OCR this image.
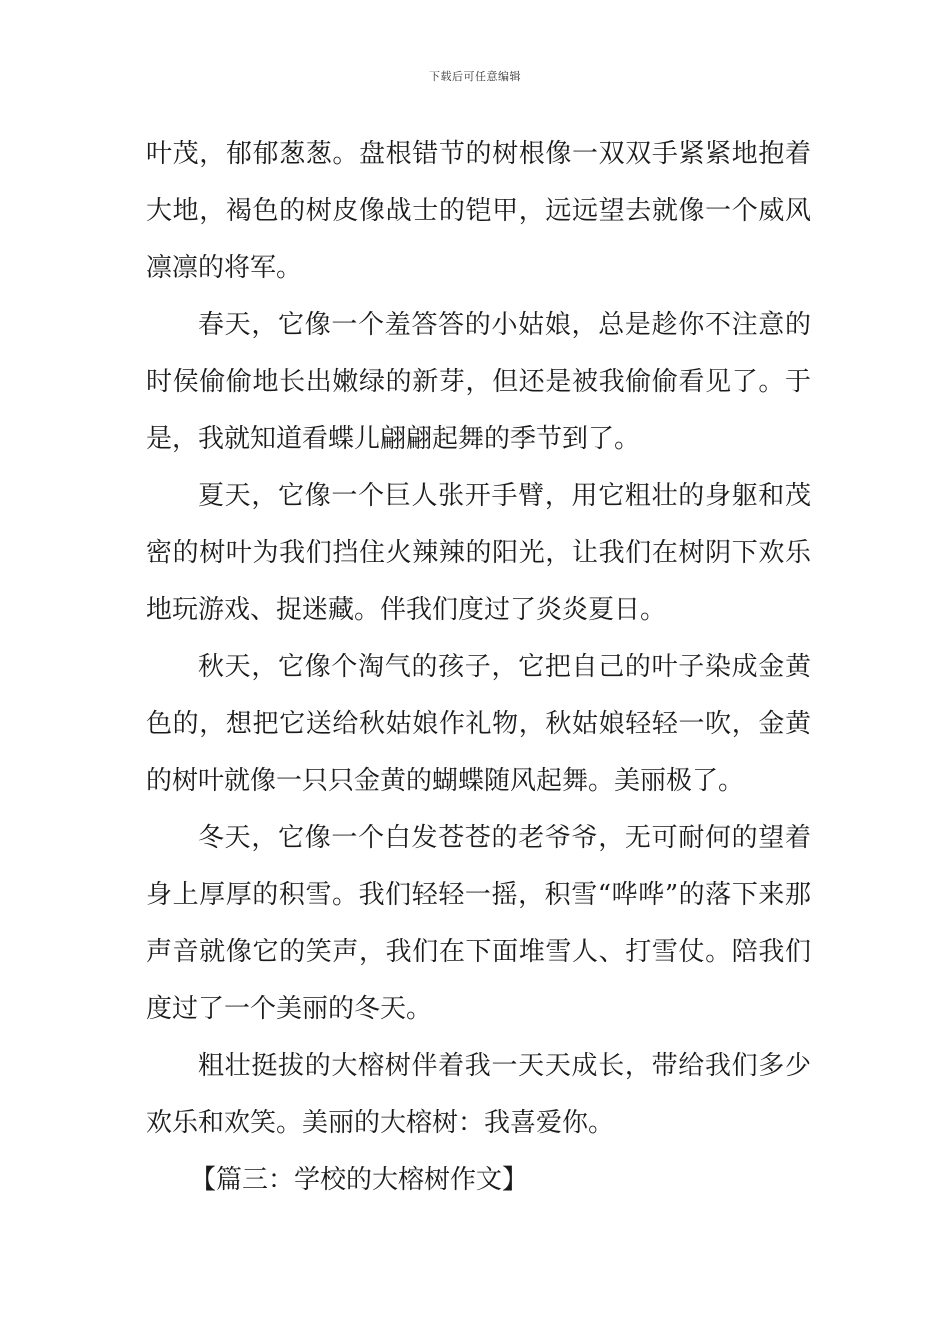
下载后可任意编辑

叶茂，郁郁葱葱。盘根错节的树根像一双双手紧紧地抱着大地，褐色的树皮像战士的铠甲，远远望去就像一个威风凛凛的将军。

春天，它像一个羞答答的小姑娘，总是趁你不注意的时侯偷偷地长出嫩绿的新芽，但还是被我偷偷看见了。于是，我就知道看蝶儿翩翩起舞的季节到了。

夏天，它像一个巨人张开手臂，用它粗壮的身躯和茂密的树叶为我们挡住火辣辣的阳光，让我们在树阴下欢乐地玩游戏、捉迷藏。伴我们度过了炎炎夏日。

秋天，它像个淘气的孩子，它把自己的叶子染成金黄色的，想把它送给秋姑娘作礼物，秋姑娘轻轻一吹，金黄的树叶就像一只只金黄的蝴蝶随风起舞。美丽极了。

冬天，它像一个白发苍苍的老爷爷，无可耐何的望着身上厚厚的积雪。我们轻轻一摇，积雪“哗哗”的落下来那声音就像它的笑声，我们在下面堆雪人、打雪仗。陪我们度过了一个美丽的冬天。

粗壮挺拔的大榕树伴着我一天天成长，带给我们多少欢乐和欢笑。美丽的大榕树：我喜爱你。

【篇三：学校的大榕树作文】
